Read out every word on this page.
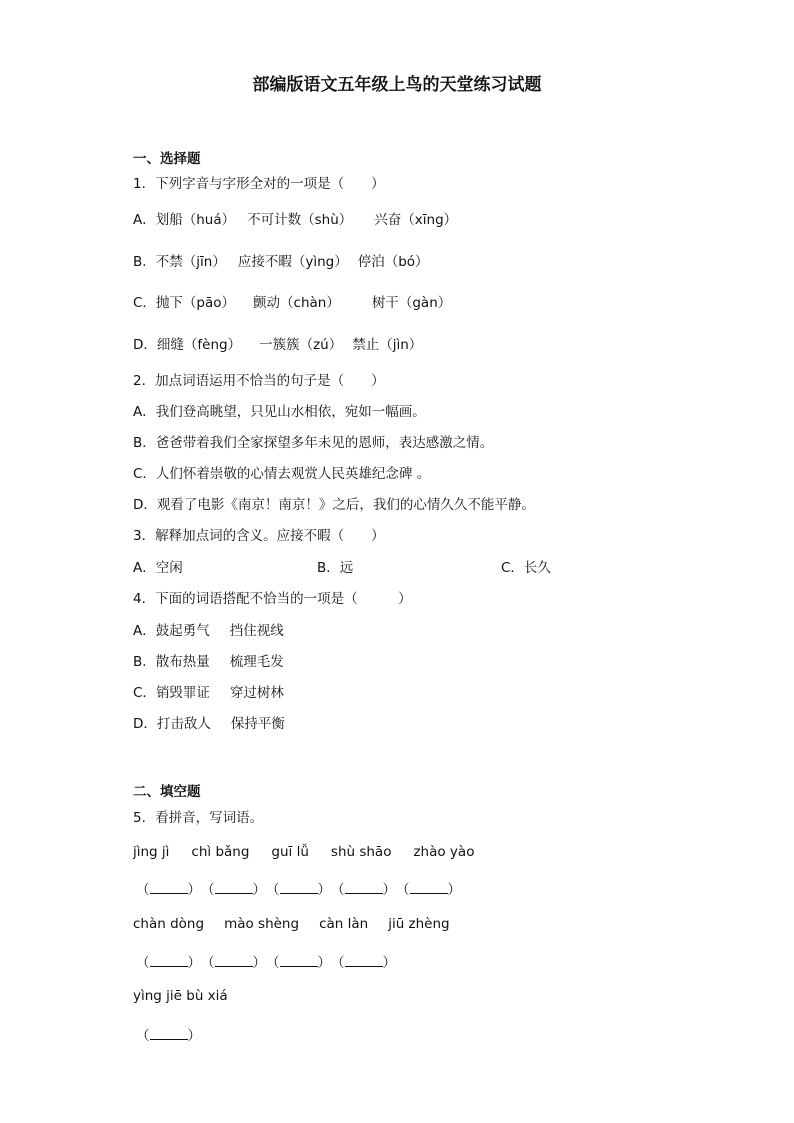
部编版语文五年级上鸟的天堂练习试题
一、选择题
1．下列字音与字形全对的一项是（　　）
A．划船（huá） 不可计数（shù） 兴奋（xīng）
B．不禁（jīn） 应接不暇（yìng） 停泊（bó）
C．抛下（pāo） 颤动（chàn） 树干（gàn）
D．细缝（fèng） 一簇簇（zú） 禁止（jìn）
2．加点词语运用不恰当的句子是（　　）
A．我们登高眺望，只见山水相依，宛如一幅画。
B．爸爸带着我们全家探望多年未见的恩师，表达感激之情。
C．人们怀着崇敬的心情去观赏人民英雄纪念碑 。
D．观看了电影《南京！南京！》之后，我们的心情久久不能平静。
3．解释加点词的含义。应接不暇（　　）
A．空闲	B．远	C．长久
4．下面的词语搭配不恰当的一项是（　　　）
A．鼓起勇气 挡住视线
B．散布热量 梳理毛发
C．销毁罪证 穿过树林
D．打击敌人 保持平衡
二、填空题
5．看拼音，写词语。
jìng jì chì bǎng guī lǚ shù shāo zhào yào
（	）（	）（	）（	）（	）
chàn dòng mào shèng càn làn jiū zhèng
（	）（	）（	）（	）
yìng jiē bù xiá
（	）
